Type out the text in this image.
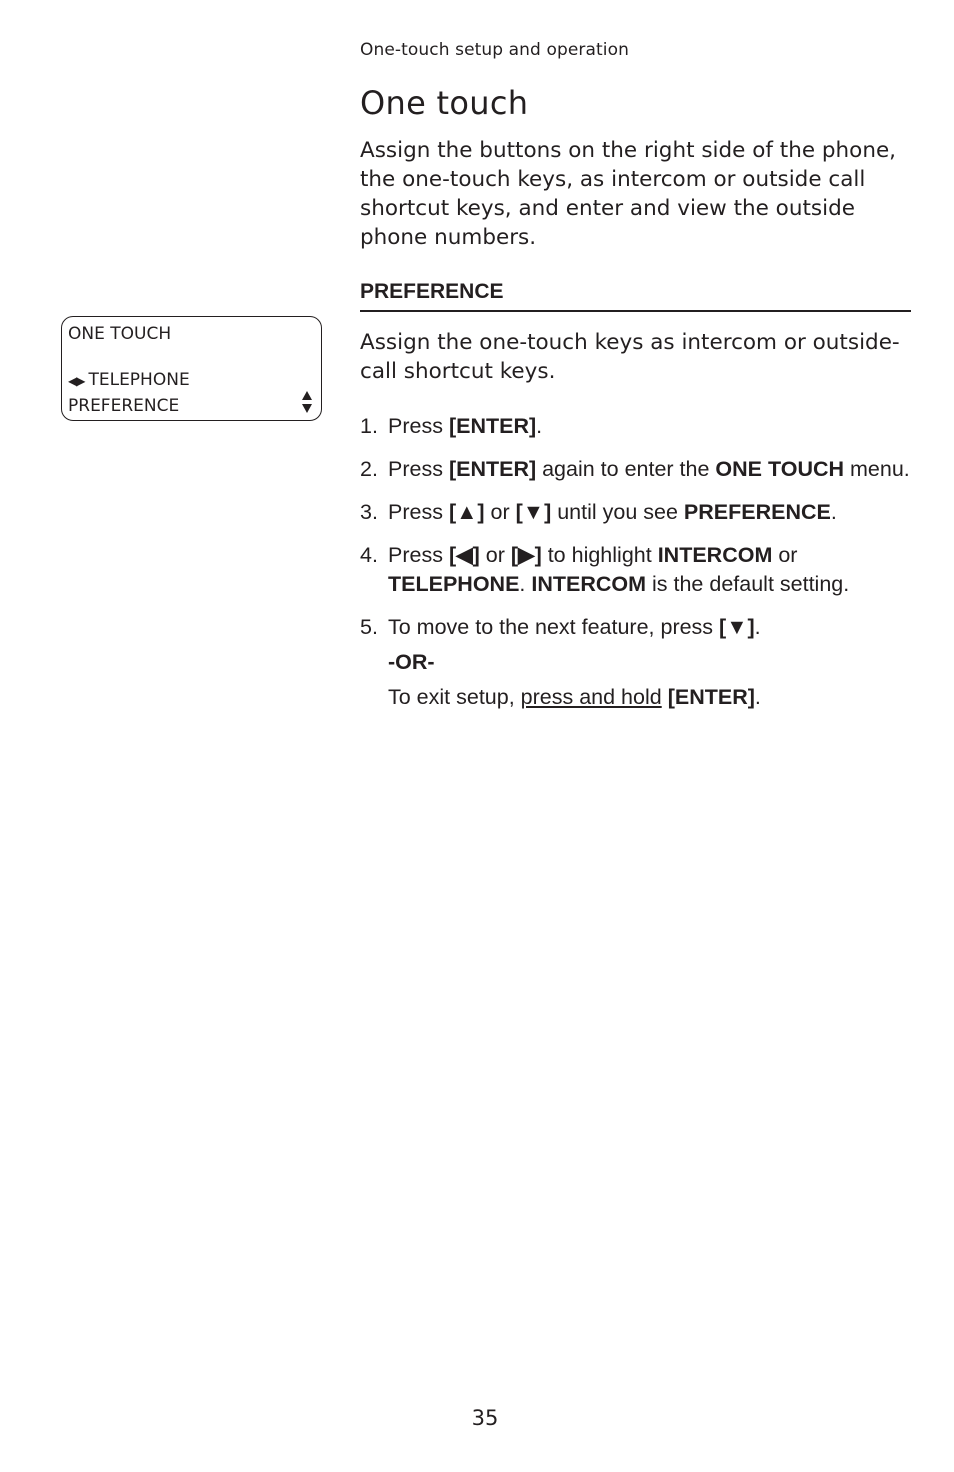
One-touch setup and operation
One touch

Assign the buttons on the right side of the phone, the one-touch keys, as intercom or outside call shortcut keys, and enter and view the outside phone numbers.

PREFERENCE

Assign the one-touch keys as intercom or outside-call shortcut keys.

ONE TOUCH
◀▶ TELEPHONE
PREFERENCE
1. Press [ENTER].
2. Press [ENTER] again to enter the ONE TOUCH menu.
3. Press [▲] or [▼] until you see PREFERENCE.
4. Press [◀] or [▶] to highlight INTERCOM or TELEPHONE. INTERCOM is the default setting.
5. To move to the next feature, press [▼].
-OR-
To exit setup, press and hold [ENTER].
35
